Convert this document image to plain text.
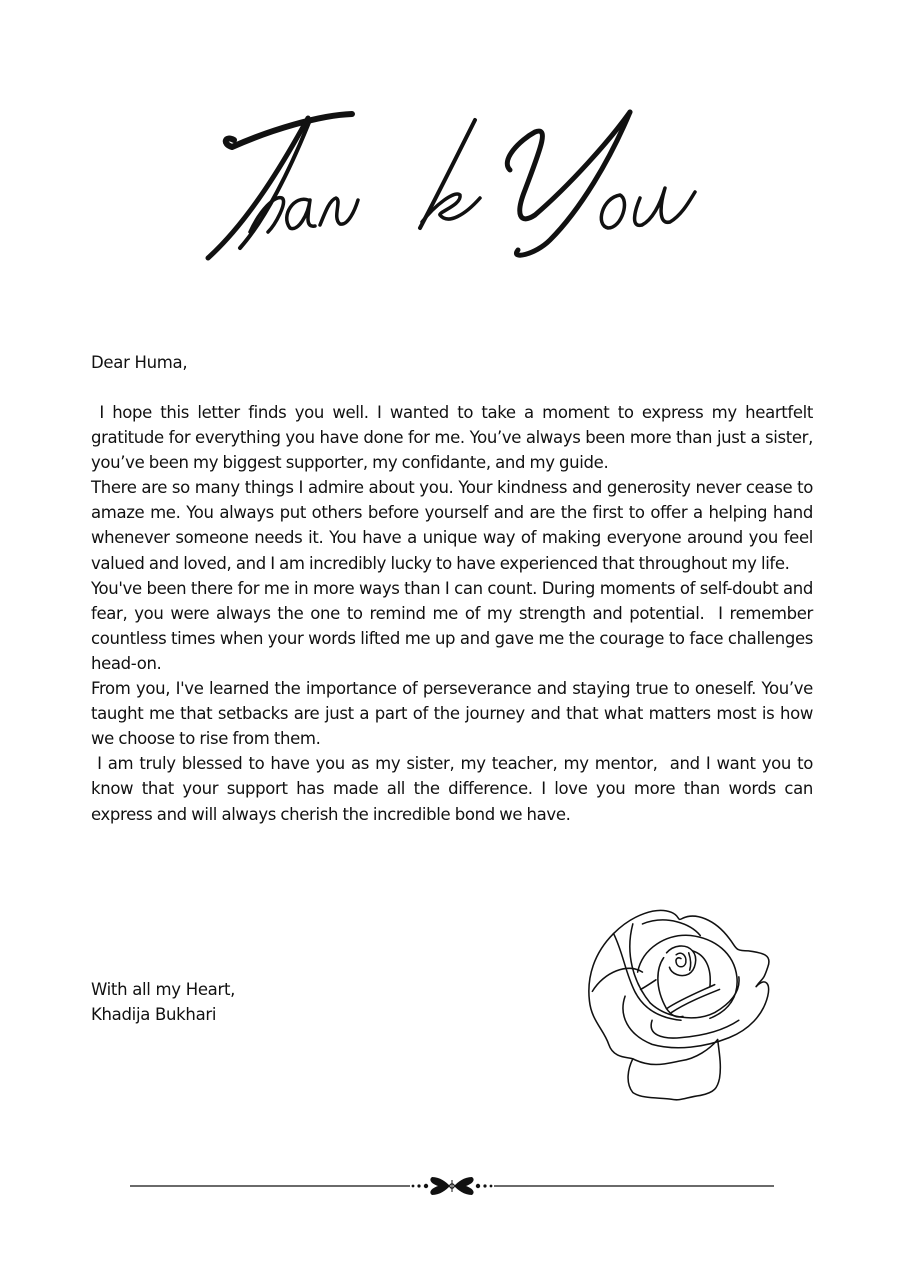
Dear Huma,

I hope this letter finds you well. I wanted to take a moment to express my heartfelt gratitude for everything you have done for me. You’ve always been more than just a sister, you’ve been my biggest supporter, my confidante, and my guide.

There are so many things I admire about you. Your kindness and generosity never cease to amaze me. You always put others before yourself and are the first to offer a helping hand whenever someone needs it. You have a unique way of making everyone around you feel valued and loved, and I am incredibly lucky to have experienced that throughout my life.

You've been there for me in more ways than I can count. During moments of self-doubt and fear, you were always the one to remind me of my strength and potential.  I remember countless times when your words lifted me up and gave me the courage to face challenges head-on.

From you, I've learned the importance of perseverance and staying true to oneself. You’ve taught me that setbacks are just a part of the journey and that what matters most is how we choose to rise from them.

I am truly blessed to have you as my sister, my teacher, my mentor,  and I want you to know that your support has made all the difference. I love you more than words can express and will always cherish the incredible bond we have.

With all my Heart,
Khadija Bukhari
